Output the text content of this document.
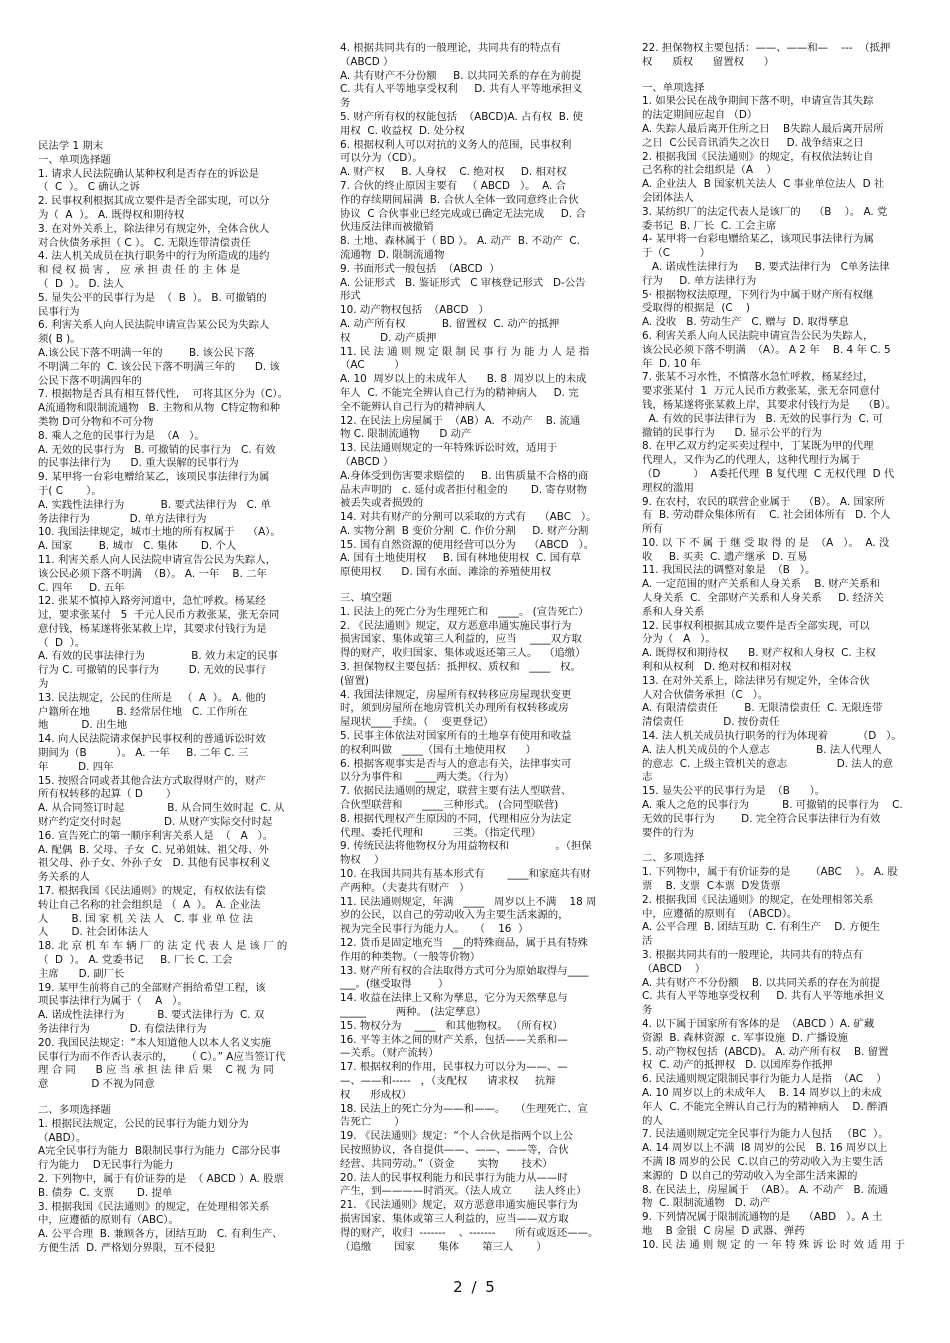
民法学 1 期末
一、单项选择题
1. 请求人民法院确认某种权利是否存在的诉讼是
（  C  ）。 C 确认之诉
2. 民事权利根据其成立要件是否全部实现，可以分
为（  A  ）。 A. 既得权和期待权
3. 在对外关系上，除法律另有规定外，全体合伙人
对合伙债务承担（ C ）。 C. 无限连带清偿责任
4. 法人机关成员在执行职务中的行为所造成的违约
和 侵 权 损 害 ， 应 承 担 责 任 的 主 体 是
（  D  ）。 D. 法人
5. 显失公平的民事行为是  （  B  ）。 B. 可撤销的
民事行为
6. 利害关系人向人民法院申请宣告某公民为失踪人
须( B )。
A.该公民下落不明满一年的        B. 该公民下落
不明满二年的  C. 该公民下落不明满三年的      D. 该
公民下落不明满四年的
7. 根据物是否具有相互替代性,    可将其区分为（C）。
A流通物和限制流通物   B. 主物和从物  C特定物和种
类物 D可分物和不可分物
8. 乘人之危的民事行为是  （A   ）。
A. 无效的民事行为   B. 可撤销的民事行为   C. 有效
的民事法律行为      D. 重大误解的民事行为
9. 某甲将一台彩电赠给某乙，该项民事法律行为属
于( C       ）。
A. 实践性法律行为           B. 要式法律行为   C. 单
务法律行为            D. 单方法律行为
10. 我国法律规定，城市土地的所有权属于    （A）。
A. 国家        B. 城市   C. 集体       D. 个人
11. 利害关系人向人民法院申请宣告公民为失踪人，
该公民必须下落不明满  （B）。 A. 一年    B. 二年
C. 四年     D. 五年
12. 张某不慎掉入路旁河道中，急忙呼救。杨某经
过，要求张某付   5  千元人民币方救张某，张无奈同
意付钱，杨某遂将张某救上岸，其要求付钱行为是
（  D  ）。
A. 有效的民事法律行为              B. 效力未定的民事
行为 C. 可撤销的民事行为         D. 无效的民事行
为
13. 民法规定，公民的住所是   （  A  ）。 A. 他的
户籍所在地        B. 经常居住地   C. 工作所在
地          D. 出生地
14. 向人民法院请求保护民事权利的普通诉讼时效
期间为（B         ）。 A. 一年     B. 二年 C. 三
年         D. 四年
15. 按照合同或者其他合法方式取得财产的，财产
所有权转移的起算（ D       ）
A. 从合同签订时起             B. 从合同生效时起  C. 从
财产约定交付时起             D. 从财产实际交付时起
16. 宣告死亡的第一顺序利害关系人是  （   A   ）。
A. 配偶  B. 父母、子女  C. 兄弟姐妹、祖父母、外
祖父母、孙子女、外孙子女   D. 其他有民事权利义
务关系的人
17. 根据我国《民法通则》的规定，有权依法有偿
转让自己名称的社会组织是 （  A  ）。 A. 企业法
人       B. 国 家 机 关 法 人   C. 事 业 单 位 法
人       D. 社会团体法人
18. 北 京 机 车 车 辆 厂 的 法 定 代 表 人 是 该 厂 的
（  D  ）。 A. 党委书记     B. 厂长 C. 工会
主席      D. 副厂长
19. 某甲生前将自己的全部财产捐给希望工程，该
项民事法律行为属于（    A   ）。
A. 诺成性法律行为          B. 要式法律行为  C. 双
务法律行为            D. 有偿法律行为
20. 我国民法规定：“本人知道他人以本人名义实施
民事行为而不作否认表示的，    （ C）。” A应当签订代
理 合 同      B 应 当 承 担 法 律 后 果    C 视 为 同
意             D 不视为同意
二、多项选择题
1. 根据民法规定，公民的民事行为能力划分为
（ABD）。
A完全民事行为能力  B限制民事行为能力  C部分民事
行为能力    D无民事行为能力
2. 下列物中，属于有价证券的是  （ ABCD ）A. 股票
B. 债券  C. 支票       D. 提单
3. 根据我国《民法通则》的规定，在处理相邻关系
中，应遵循的原则有（ABC）。
A. 公平合理  B. 兼顾各方，团结互助   C. 有利生产、
方便生活  D. 严格划分界限，互不侵犯
4. 根据共同共有的一般理论，共同共有的特点有
（ABCD ）
A. 共有财产不分份额     B. 以共同关系的存在为前提
C. 共有人平等地享受权利     D. 共有人平等地承担义
务
5. 财产所有权的权能包括  （ABCD)A. 占有权  B. 使
用权  C. 收益权  D. 处分权
6. 根据权利人可以对抗的义务人的范围，民事权利
可以分为（CD）。
A. 财产权     B. 人身权    C. 绝对权     D. 相对权
7. 合伙的终止原因主要有   （ ABCD   ）。  A. 合
作的存续期间届满  B. 合伙人全体一致同意终止合伙
协议  C 合伙事业已经完成或已确定无法完成     D. 合
伙违反法律而被撤销
8. 土地、森林属于（ BD ）。 A. 动产  B. 不动产  C.
流通物  D. 限制流通物
9. 书面形式一般包括  （ABCD  ）
A. 公证形式   B. 鉴证形式   C 审核登记形式   D-公告
形式
10. 动产物权包括  （ABCD   ）
A. 动产所有权           B. 留置权  C. 动产的抵押
权         D. 动产质押
11. 民 法 通 则 规 定 限 制 民 事 行 为 能 力 人 是 指
（AC         ）
A. 10  周岁以上的未成年人      B. 8  周岁以上的未成
年人  C. 不能完全辨认自己行为的精神病人     D. 完
全不能辨认自己行为的精神病人
12. 在民法上房屋属于  （AB）A.  不动产    B. 流通
物 C. 限制流通物      D 动产
13. 民法通则规定的一年特殊诉讼时效，适用于
（ABCD ）
A.身体受到伤害要求赔偿的     B. 出售质量不合格的商
品未声明的   c. 延付或者拒付租金的       D. 寄存财物
被丢失或者损毁的
14. 对共有财产的分割可以采取的方式有    （ABC   ）。
A. 实物分割  B 变价分割  C. 作价分割     D. 财产分割
15. 国有自然资源的使用经营可以分为    （ABCD   ）。
A. 国有土地使用权     B. 国有林地使用权  C. 国有草
原使用权      D. 国有水面、滩涂的养殖使用权
三、填空题
1. 民法上的死亡分为生理死亡和   ____。 (宣告死亡）
2. 《民法通则》规定，双方恶意串通实施民事行为
损害国家、集体或第三人利益的，应当    ____双方取
得的财产，收归国家、集体或返还第三人。  （追缴）
3. 担保物权主要包括：抵押权、质权和   ____   权。
(留置)
4. 我国法律规定，房屋所有权转移应房屋现状变更
时，须到房屋所在地房管机关办理所有权转移或房
屋现状____手续。（    变更登记）
5. 民事主体依法对国家所有的土地享有使用和收益
的权利叫做   ____（国有土地使用权      ）
6. 根据客观事实是否与人的意志有关，法律事实可
以分为事件和    ____两大类。（行为）
7. 依据民法通则的规定，联营主要有法人型联营、
合伙型联营和      ____三种形式。 (合同型联营)
8. 根据代理权产生原因的不同，代理相应分为法定
代理、委托代理和         三类。（指定代理）
9. 传统民法将他物权分为用益物权和              。（担保
物权    ）
10. 在我国共同共有基本形式有       ____和家庭共有财
产两种。（夫妻共有财产   ）
11. 民法通则规定，年满   ____   周岁以上不满    18 周
岁的公民，以自己的劳动收入为主要生活来源的，
视为完全民事行为能力人。   （    16  ）
12. 货币是固定地充当   __的特殊商品，属于具有特殊
作用的种类物。（一般等价物）
13. 财产所有权的合法取得方式可分为原始取得与____
___。(继受取得        ）
14. 收益在法律上又称为孳息，它分为天然孳息与
_____         两种。 (法定孳息）
15. 物权分为    ____   和其他物权。 （所有权）
16. 平等主体之间的财产关系，包括——关系和—
—关系。（财产流转）
17. 根据权利的作用，民事权力可以分为——、—
—、——和-----   ，（支配权      请求权     抗辩
权      形成权）
18. 民法上的死亡分为——和——。   （生理死亡、宣
告死亡       ）
19. 《民法通则》规定：“个人合伙是指两个以上公
民按照协议，各自提供——、——、——等，合伙
经营、共同劳动。”（资金       实物       技术）
20. 法人的民事权利能力和民事行为能力从——时
产生，到————时消灭。（法人成立       法人终止）
21. 《民法通则》规定，双方恶意串通实施民事行为
损害国家、集体或第三人利益的，应当——双方取
得的财产，收归  -------    、-------      所有或返还——。
（追缴       国家       集体       第三人       ）
22. 担保物权主要包括：——、——和—    ---  （抵押
权      质权      留置权      ）
一、单项选择
1. 如果公民在战争期间下落不明，申请宣告其失踪
的法定期间应起自 （D）
A. 失踪人最后离开住所之日    B失踪人最后离开居所
之日  C公民音讯消失之次日     D. 战争结束之日
2. 根据我国《民法通则》的规定，有权依法转让自
己名称的社会组织是（A    ）
A. 企业法人  B 国家机关法人  C 事业单位法人  D 社
会团体法人
3. 某纺织厂的法定代表人是该厂的    （B    ）。 A. 党
委书记  B. 厂长  C. 工会主席
4- 某甲将一台彩电赠给某乙，该项民事法律行为属
于（C         ）
A. 诺成性法律行为     B. 要式法律行为   C单务法律
行为     D. 单方法律行为
5· 根据物权法原理，下列行为中属于财产所有权继
受取得的根据是  (C    )
A. 没收   B. 劳动生产   C. 赠与  D. 取得孳息
6. 利害关系人向人民法院申请宣告公民为失踪人，
该公民必须下落不明满  （A）。 A 2 年    B. 4 年 C. 5
年  D. 10 年
7. 张某不习水性，不慎落水急忙呼救，杨某经过，
要求张某付  1  万元人民币方救张某，张无奈同意付
钱，杨某遂将张某救上岸，其要求付钱行为是    （B）。
A. 有效的民事法律行为   B. 无效的民事行为  C. 可
撤销的民事行为      D. 显示公平的行为
8. 在甲乙双方约定买卖过程中，丁某既为甲的代理
代理人，又作为乙的代理人，这种代理行为属于
（D          ）  A委托代理  B 复代理  C 无权代理  D 代
理权的滥用
9. 在农村，农民的联营企业属于    （B）。 A. 国家所
有  B. 劳动群众集体所有    C. 社会团体所有   D. 个人
所有
10. 以 下 不 属 于 继 受 取 得 的 是  （A   ）。  A. 没
收     B. 买卖  C. 遗产继承  D. 互易
11. 我国民法的调整对象是  （B   ）。
A. 一定范围的财产关系和人身关系    B. 财产关系和
人身关系  C.  全部财产关系和人身关系     D. 经济关
系和人身关系
12. 民事权利根据其成立要件是否全部实现，可以
分为（   A   ）。
A. 既得权和期待权      B. 财产权和人身权  C. 主权
利和从权利   D. 绝对权和相对权
13. 在对外关系上，除法律另有规定外，全体合伙
人对合伙债务承担（C   ）。
A. 有限清偿责任        B. 无限清偿责任  C. 无限连带
清偿责任            D. 按份责任
14. 法人机关成员执行职务的行为体现着         （D   ）。
A. 法人机关成员的个人意志              B. 法人代理人
的意志  C. 上级主管机关的意志               D. 法人的意
志
15. 显失公平的民事行为是  （B      ）。
A. 乘人之危的民事行为          B. 可撤销的民事行为    C.
无效的民事行为        D. 完全符合民事法律行为有效
要件的行为
二、多项选择
1. 下列物中，属于有价证券的是      （ABC    ）。 A. 股
票    B. 支票  C本票  D发货票
2. 根据我国《民法通则》的规定，在处理相邻关系
中，应遵循的原则有  （ABCD）。
A. 公平合理  B. 团结互助  C. 有利生产    D. 方便生
活
3. 根据共同共有的一般理论，共同共有的特点有
（ABCD    ）
A. 共有财产不分份额    B. 以共同关系的存在为前提
C. 共有人平等地享受权利     D. 共有人平等地承担义
务
4. 以下属于国家所有客体的是  （ABCD ）A. 矿藏
资源  B. 森林资源  c. 军事设施  D. 广播设施
5. 动产物权包括  (ABCD)。 A. 动产所有权    B. 留置
权  C. 动产的抵押权   D. 以国库券作抵押
6. 民法通则规定限制民事行为能力人是指  （AC    ）
A. 10 周岁以上的未成年人    B. 14 周岁以上的未成
年人  C. 不能完全辨认自己行为的精神病人    D. 醉酒
的人
7. 民法通则规定完全民事行为能力人包括   （BC  ）。
A. 14 周岁以上不满  l8 周岁的公民   B. 16 周岁以上
不满 l8 周岁的公民  C.以自己的劳动收入为主要生活
来源的  D 以自己的劳动收入为全部生活来源的
8. 在民法上，房屋属于  （AB）。 A. 不动产   B. 流通
物  C. 限制流通物   D. 动产
9. 下列情况属于限制流通物的是    （ABD   ）。A 土
地    B 金银  C 房屋  D 武器、弹药
10. 民 法 通 则 规 定 的 一 年 特 殊 诉 讼 时 效 适 用 于
2 / 5
